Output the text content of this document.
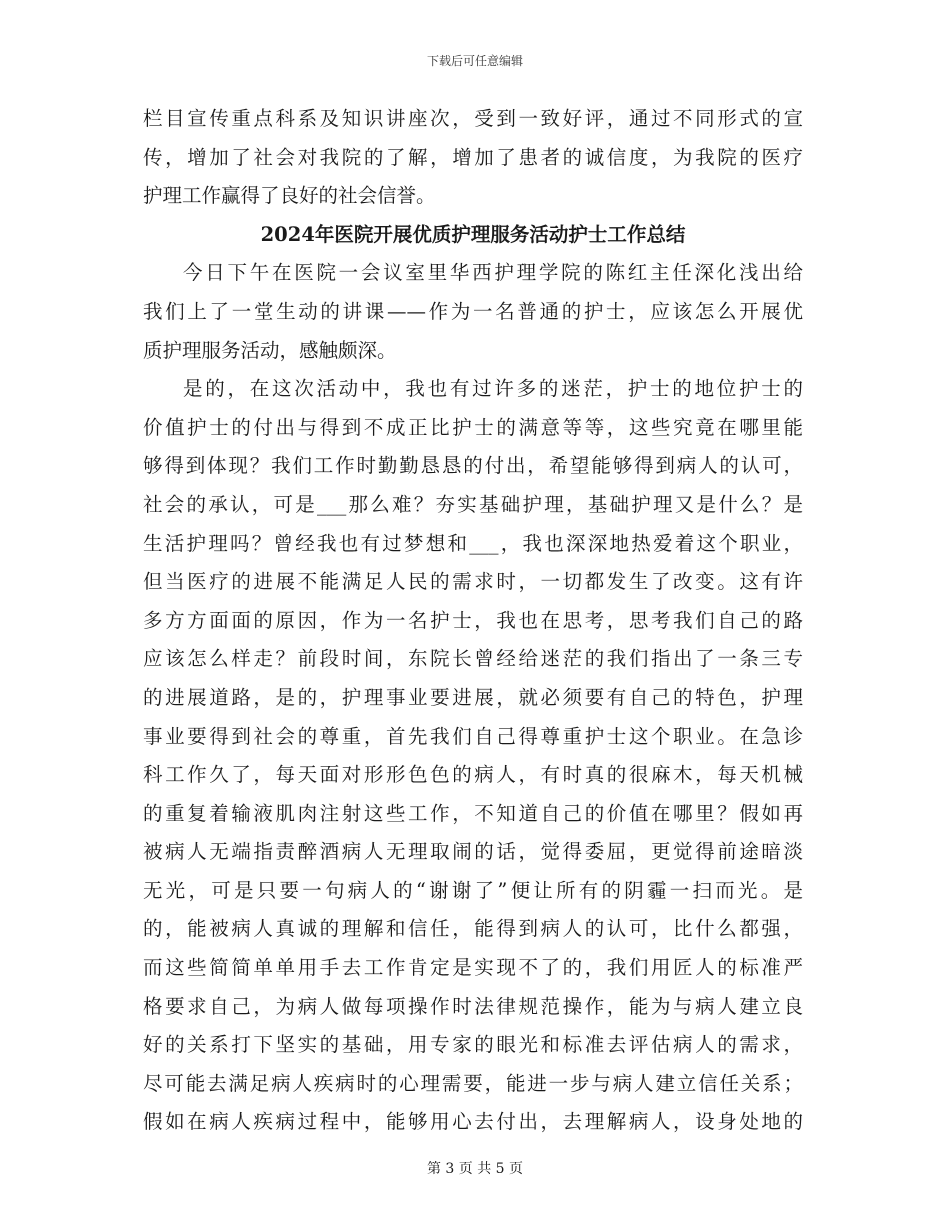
下载后可任意编辑
栏目宣传重点科系及知识讲座次，受到一致好评，通过不同形式的宣
传，增加了社会对我院的了解，增加了患者的诚信度，为我院的医疗
护理工作赢得了良好的社会信誉。
2024年医院开展优质护理服务活动护士工作总结
今日下午在医院一会议室里华西护理学院的陈红主任深化浅出给
我们上了一堂生动的讲课——作为一名普通的护士，应该怎么开展优
质护理服务活动，感触颇深。
是的，在这次活动中，我也有过许多的迷茫，护士的地位护士的
价值护士的付出与得到不成正比护士的满意等等，这些究竟在哪里能
够得到体现？我们工作时勤勤恳恳的付出，希望能够得到病人的认可，
社会的承认，可是___那么难？夯实基础护理，基础护理又是什么？是
生活护理吗？曾经我也有过梦想和___，我也深深地热爱着这个职业，
但当医疗的进展不能满足人民的需求时，一切都发生了改变。这有许
多方方面面的原因，作为一名护士，我也在思考，思考我们自己的路
应该怎么样走？前段时间，东院长曾经给迷茫的我们指出了一条三专
的进展道路，是的，护理事业要进展，就必须要有自己的特色，护理
事业要得到社会的尊重，首先我们自己得尊重护士这个职业。在急诊
科工作久了，每天面对形形色色的病人，有时真的很麻木，每天机械
的重复着输液肌肉注射这些工作，不知道自己的价值在哪里？假如再
被病人无端指责醉酒病人无理取闹的话，觉得委屈，更觉得前途暗淡
无光，可是只要一句病人的“谢谢了”便让所有的阴霾一扫而光。是
的，能被病人真诚的理解和信任，能得到病人的认可，比什么都强，
而这些简简单单用手去工作肯定是实现不了的，我们用匠人的标准严
格要求自己，为病人做每项操作时法律规范操作，能为与病人建立良
好的关系打下坚实的基础，用专家的眼光和标准去评估病人的需求，
尽可能去满足病人疾病时的心理需要，能进一步与病人建立信任关系；
假如在病人疾病过程中，能够用心去付出，去理解病人，设身处地的
第 3 页 共 5 页
